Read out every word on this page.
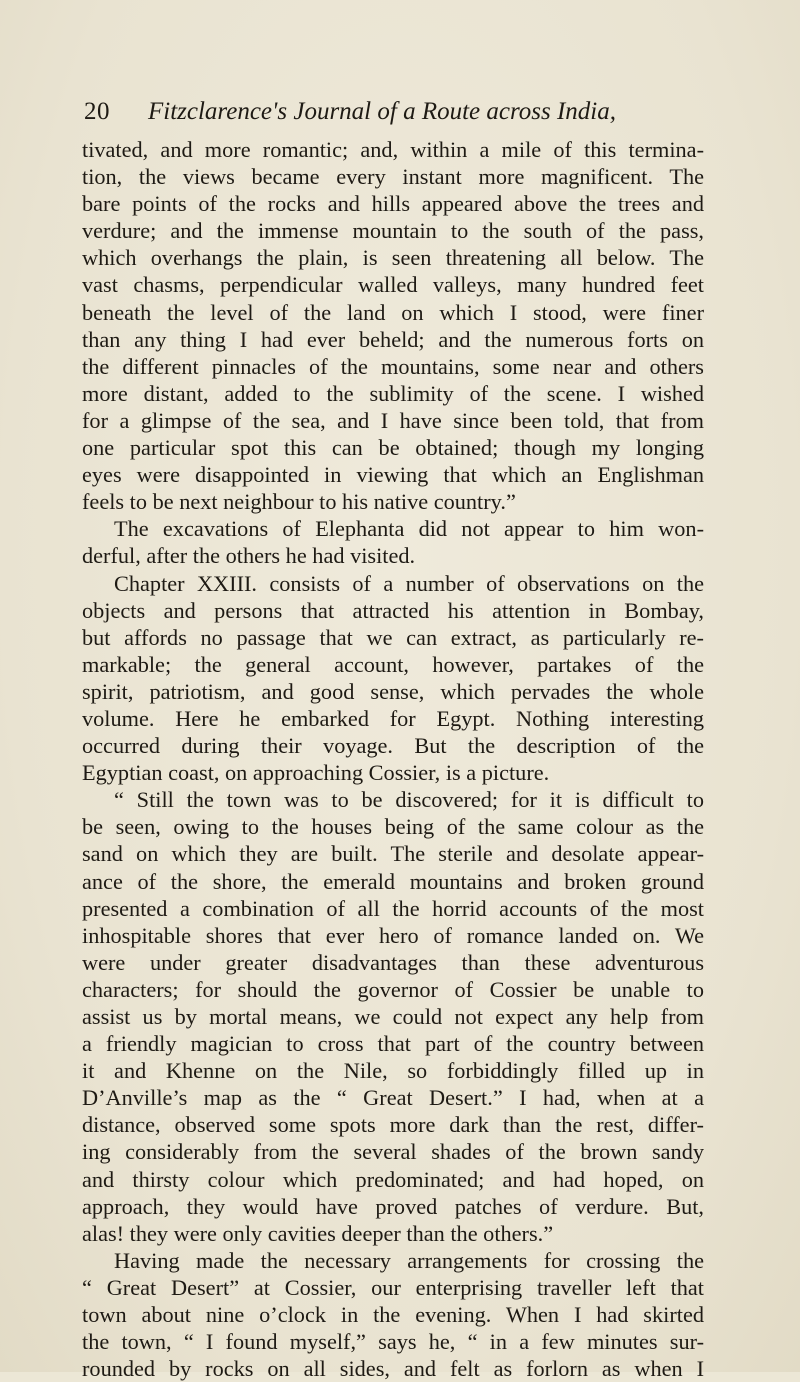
20 Fitzclarence's Journal of a Route across India,
tivated, and more romantic; and, within a mile of this termina-
tion, the views became every instant more magnificent. The
bare points of the rocks and hills appeared above the trees and
verdure; and the immense mountain to the south of the pass,
which overhangs the plain, is seen threatening all below. The
vast chasms, perpendicular walled valleys, many hundred feet
beneath the level of the land on which I stood, were finer
than any thing I had ever beheld; and the numerous forts on
the different pinnacles of the mountains, some near and others
more distant, added to the sublimity of the scene. I wished
for a glimpse of the sea, and I have since been told, that from
one particular spot this can be obtained; though my longing
eyes were disappointed in viewing that which an Englishman
feels to be next neighbour to his native country.”
The excavations of Elephanta did not appear to him won-
derful, after the others he had visited.
Chapter XXIII. consists of a number of observations on the
objects and persons that attracted his attention in Bombay,
but affords no passage that we can extract, as particularly re-
markable; the general account, however, partakes of the
spirit, patriotism, and good sense, which pervades the whole
volume. Here he embarked for Egypt. Nothing interesting
occurred during their voyage. But the description of the
Egyptian coast, on approaching Cossier, is a picture.
“ Still the town was to be discovered; for it is difficult to
be seen, owing to the houses being of the same colour as the
sand on which they are built. The sterile and desolate appear-
ance of the shore, the emerald mountains and broken ground
presented a combination of all the horrid accounts of the most
inhospitable shores that ever hero of romance landed on. We
were under greater disadvantages than these adventurous
characters; for should the governor of Cossier be unable to
assist us by mortal means, we could not expect any help from
a friendly magician to cross that part of the country between
it and Khenne on the Nile, so forbiddingly filled up in
D’Anville’s map as the “ Great Desert.” I had, when at a
distance, observed some spots more dark than the rest, differ-
ing considerably from the several shades of the brown sandy
and thirsty colour which predominated; and had hoped, on
approach, they would have proved patches of verdure. But,
alas! they were only cavities deeper than the others.”
Having made the necessary arrangements for crossing the
“ Great Desert” at Cossier, our enterprising traveller left that
town about nine o’clock in the evening. When I had skirted
the town, “ I found myself,” says he, “ in a few minutes sur-
rounded by rocks on all sides, and felt as forlorn as when I
